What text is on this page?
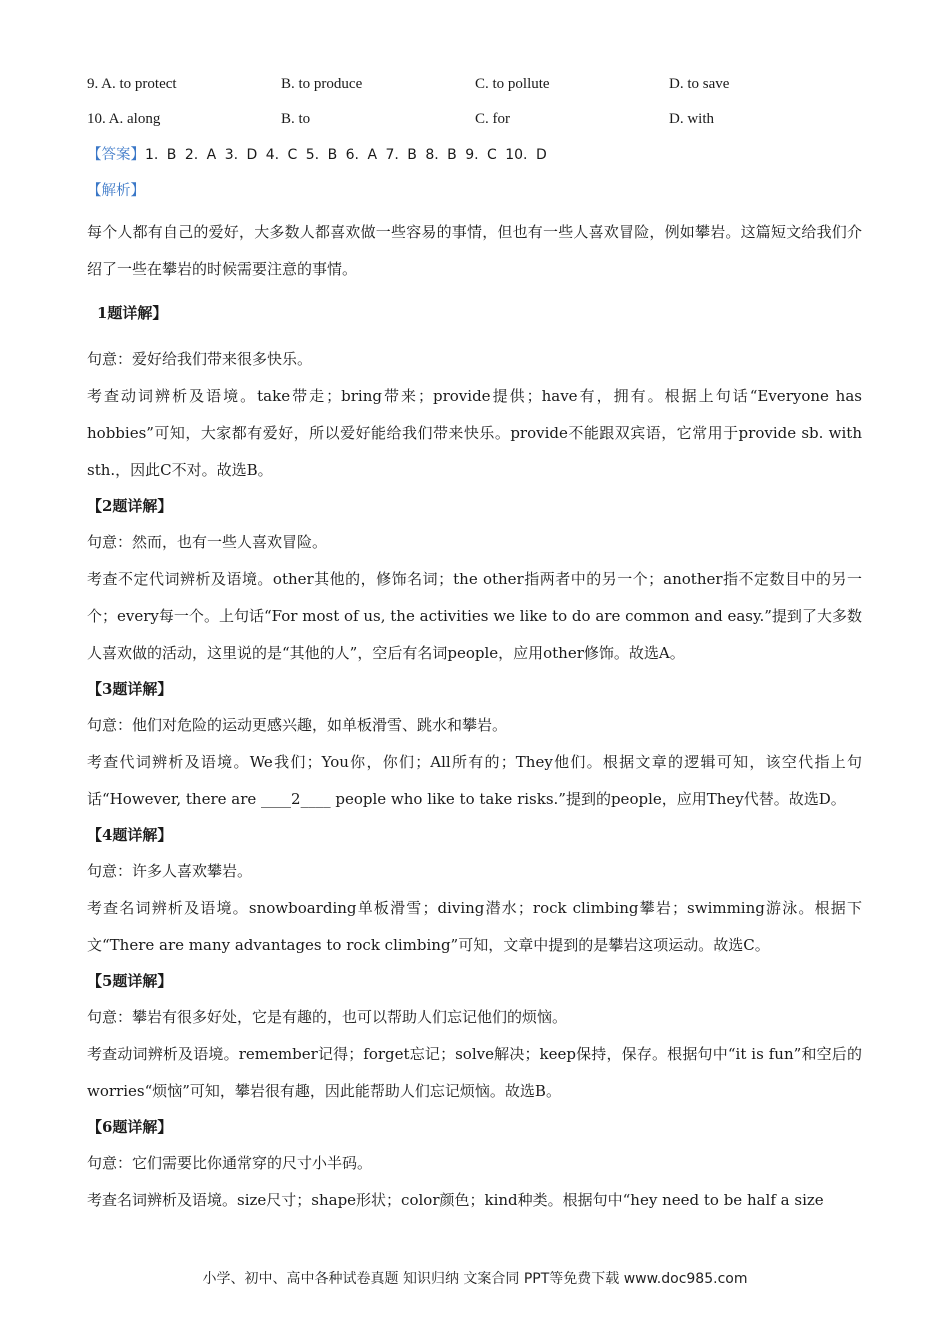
9. A. to protect	B. to produce	C. to pollute	D. to save
10. A. along	B. to	C. for	D. with
【答案】1. B 2. A 3. D 4. C 5. B 6. A 7. B 8. B 9. C 10. D
【解析】
每个人都有自己的爱好，大多数人都喜欢做一些容易的事情，但也有一些人喜欢冒险，例如攀岩。这篇短文给我们介绍了一些在攀岩的时候需要注意的事情。
1题详解】
句意：爱好给我们带来很多快乐。
考查动词辨析及语境。take带走；bring带来；provide提供；have有，拥有。根据上句话“Everyone has hobbies”可知，大家都有爱好，所以爱好能给我们带来快乐。provide不能跟双宾语，它常用于provide sb. with sth.，因此C不对。故选B。
【2题详解】
句意：然而，也有一些人喜欢冒险。
考查不定代词辨析及语境。other其他的，修饰名词；the other指两者中的另一个；another指不定数目中的另一个；every每一个。上句话“For most of us, the activities we like to do are common and easy.”提到了大多数人喜欢做的活动，这里说的是“其他的人”，空后有名词people，应用other修饰。故选A。
【3题详解】
句意：他们对危险的运动更感兴趣，如单板滑雪、跳水和攀岩。
考查代词辨析及语境。We我们；You你，你们；All所有的；They他们。根据文章的逻辑可知，该空代指上句话“However, there are ____2____ people who like to take risks.”提到的people，应用They代替。故选D。
【4题详解】
句意：许多人喜欢攀岩。
考查名词辨析及语境。snowboarding单板滑雪；diving潜水；rock climbing攀岩；swimming游泳。根据下文“There are many advantages to rock climbing”可知，文章中提到的是攀岩这项运动。故选C。
【5题详解】
句意：攀岩有很多好处，它是有趣的，也可以帮助人们忘记他们的烦恼。
考查动词辨析及语境。remember记得；forget忘记；solve解决；keep保持，保存。根据句中“it is fun”和空后的worries“烦恼”可知，攀岩很有趣，因此能帮助人们忘记烦恼。故选B。
【6题详解】
句意：它们需要比你通常穿的尺寸小半码。
考查名词辨析及语境。size尺寸；shape形状；color颜色；kind种类。根据句中“hey need to be half a size
小学、初中、高中各种试卷真题 知识归纳 文案合同 PPT等免费下载 www.doc985.com
